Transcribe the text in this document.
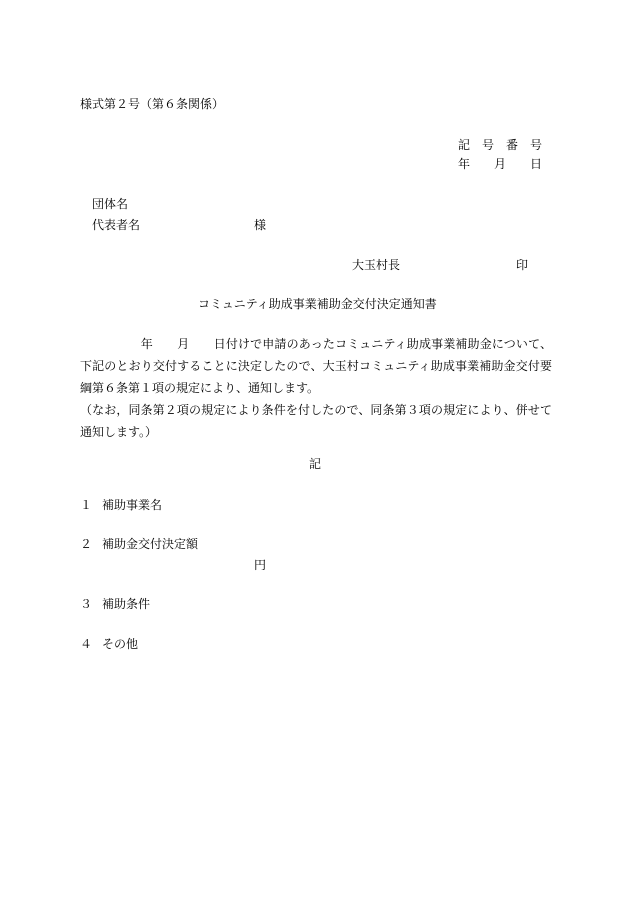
様式第２号（第６条関係）

記　号　番　号

年　　月　　日

団体名

代表者名	様

大玉村長	印

コミュニティ助成事業補助金交付決定通知書

　　　　　年　　月　　日付けで申請のあったコミュニティ助成事業補助金について、下記のとおり交付することに決定したので、大玉村コミュニティ助成事業補助金交付要綱第６条第１項の規定により、通知します。

（なお，同条第２項の規定により条件を付したので、同条第３項の規定により、併せて通知します。）

記

１ 補助事業名

２ 補助金交付決定額

円

３ 補助条件

４ その他
